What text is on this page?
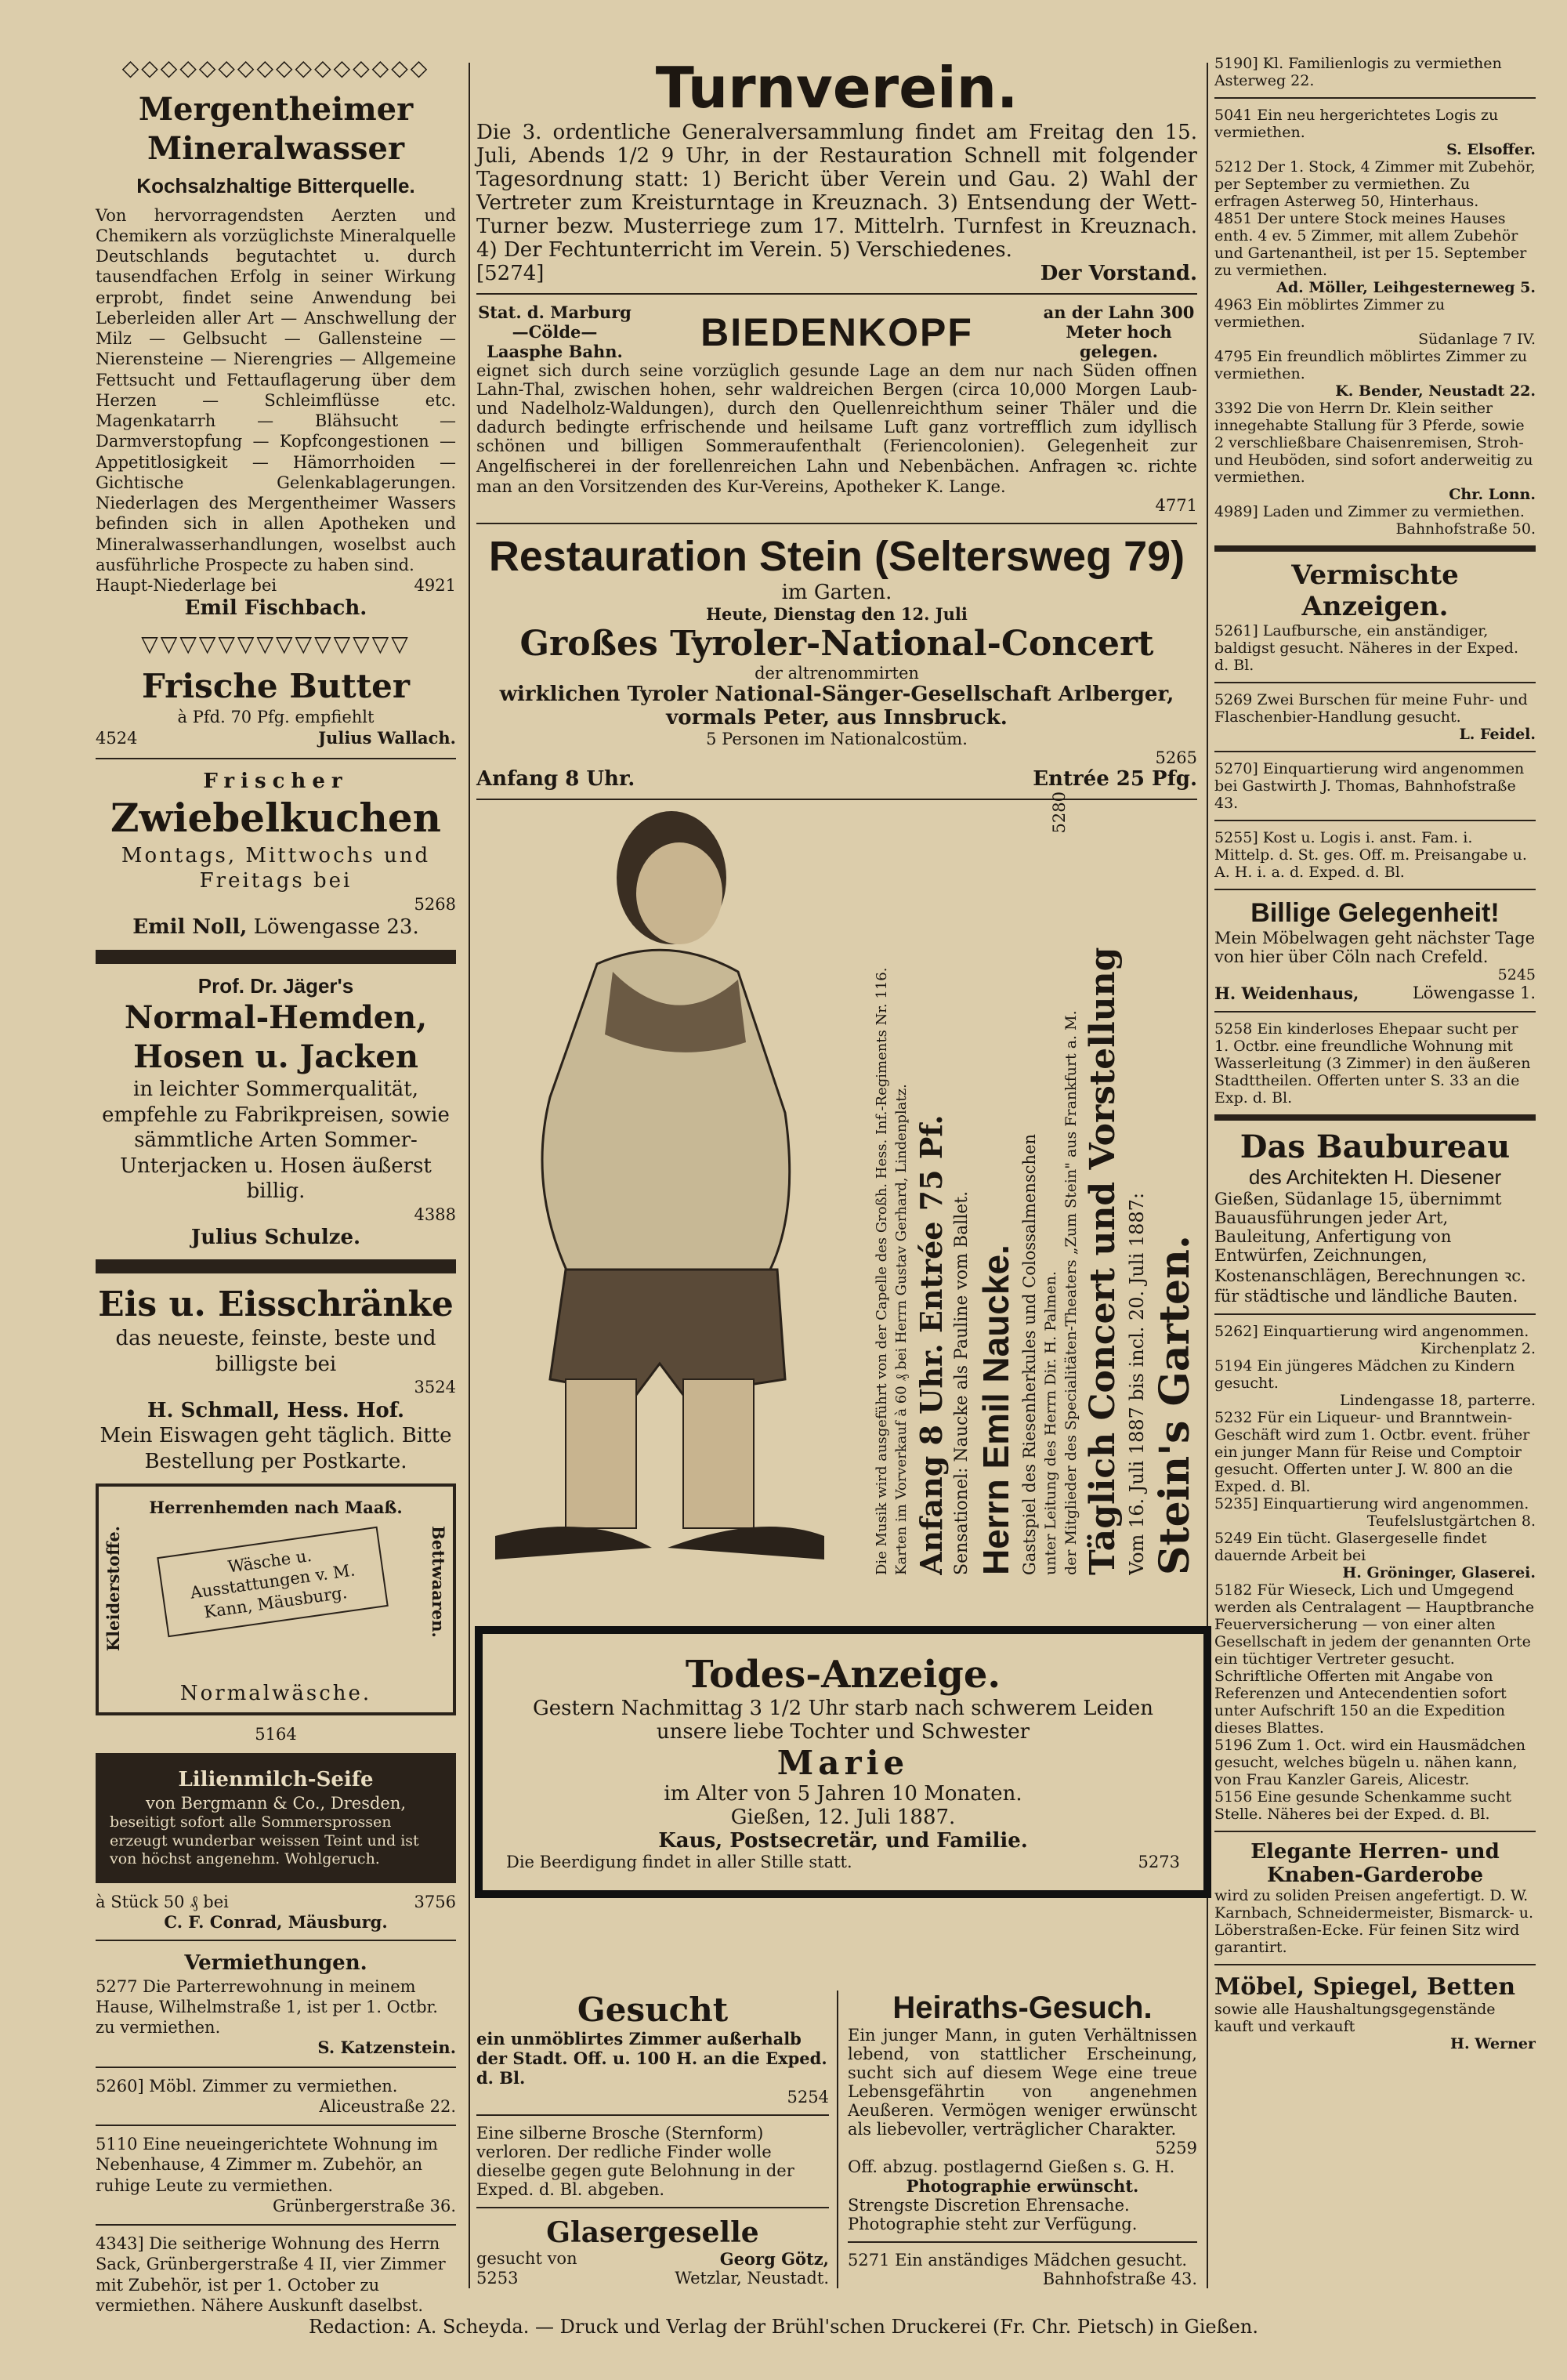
◇◇◇◇◇◇◇◇◇◇◇◇◇◇◇◇
Mergentheimer Mineralwasser
Kochsalzhaltige Bitterquelle.
Von hervorragendsten Aerzten und Chemikern als vorzüglichste Mineralquelle Deutschlands begutachtet u. durch tausendfachen Erfolg in seiner Wirkung erprobt, findet seine Anwendung bei Leberleiden aller Art — Anschwellung der Milz — Gelbsucht — Gallensteine — Nierensteine — Nierengries — Allgemeine Fettsucht und Fettauflagerung über dem Herzen — Schleimflüsse etc. Magenkatarrh — Blähsucht — Darmverstopfung — Kopfcongestionen — Appetitlosigkeit — Hämorrhoiden — Gichtische Gelenkablagerungen. Niederlagen des Mergentheimer Wassers befinden sich in allen Apotheken und Mineralwasserhandlungen, woselbst auch ausführliche Prospecte zu haben sind.
Haupt-Niederlage bei	4921
Emil Fischbach.
▽▽▽▽▽▽▽▽▽▽▽▽▽▽
Frische Butter
à Pfd. 70 Pfg. empfiehlt
4524	Julius Wallach.
Frischer
Zwiebelkuchen
Montags, Mittwochs und Freitags bei
5268
Emil Noll, Löwengasse 23.
Prof. Dr. Jäger's
Normal-Hemden, Hosen u. Jacken
in leichter Sommerqualität, empfehle zu Fabrikpreisen, sowie sämmtliche Arten Sommer-Unterjacken u. Hosen äußerst billig.
4388
Julius Schulze.
Eis u. Eisschränke
das neueste, feinste, beste und billigste bei
3524
H. Schmall, Hess. Hof.
Mein Eiswagen geht täglich. Bitte Bestellung per Postkarte.
Herrenhemden nach Maaß.
Kleiderstoffe.	Bettwaaren.
Wäsche u. Ausstattungen v. M. Kann, Mäusburg.
Normalwäsche.
5164
Lilienmilch-Seife
von Bergmann & Co., Dresden,
beseitigt sofort alle Sommersprossen erzeugt wunderbar weissen Teint und ist von höchst angenehm. Wohlgeruch.
à Stück 50 ₰ bei	3756
C. F. Conrad, Mäusburg.
Vermiethungen.
5277 Die Parterrewohnung in meinem Hause, Wilhelmstraße 1, ist per 1. Octbr. zu vermiethen.
S. Katzenstein.
5260] Möbl. Zimmer zu vermiethen.
Aliceustraße 22.
5110 Eine neueingerichtete Wohnung im Nebenhause, 4 Zimmer m. Zubehör, an ruhige Leute zu vermiethen.
Grünbergerstraße 36.
4343] Die seitherige Wohnung des Herrn Sack, Grünbergerstraße 4 II, vier Zimmer mit Zubehör, ist per 1. October zu vermiethen. Nähere Auskunft daselbst.
Turnverein.
Die 3. ordentliche Generalversammlung findet am Freitag den 15. Juli, Abends 1/2 9 Uhr, in der Restauration Schnell mit folgender Tagesordnung statt: 1) Bericht über Verein und Gau. 2) Wahl der Vertreter zum Kreisturntage in Kreuznach. 3) Entsendung der Wett-Turner bezw. Musterriege zum 17. Mittelrh. Turnfest in Kreuznach. 4) Der Fechtunterricht im Verein. 5) Verschiedenes.
[5274]	Der Vorstand.
Stat. d. Marburg—Cölde—Laasphe Bahn. BIEDENKOPF	an der Lahn 300 Meter hoch gelegen.
eignet sich durch seine vorzüglich gesunde Lage an dem nur nach Süden offnen Lahn-Thal, zwischen hohen, sehr waldreichen Bergen (circa 10,000 Morgen Laub- und Nadelholz-Waldungen), durch den Quellenreichthum seiner Thäler und die dadurch bedingte erfrischende und heilsame Luft ganz vortrefflich zum idyllisch schönen und billigen Sommeraufenthalt (Feriencolonien). Gelegenheit zur Angelfischerei in der forellenreichen Lahn und Nebenbächen. Anfragen ꝛc. richte man an den Vorsitzenden des Kur-Vereins, Apotheker K. Lange.
4771
Restauration Stein (Seltersweg 79)
im Garten.
Heute, Dienstag den 12. Juli
Großes Tyroler-National-Concert
der altrenommirten
wirklichen Tyroler National-Sänger-Gesellschaft Arlberger, vormals Peter, aus Innsbruck.
5 Personen im Nationalcostüm.
5265
Anfang 8 Uhr.	Entrée 25 Pfg.
Stein's Garten.
Vom 16. Juli 1887 bis incl. 20. Juli 1887:
Täglich Concert und Vorstellung
der Mitglieder des Specialitäten-Theaters „Zum Stein" aus Frankfurt a. M.
unter Leitung des Herrn Dir. H. Palmen.
Gastspiel des Riesenherkules und Colossalmenschen
Herrn Emil Naucke.
Sensationel: Naucke als Pauline vom Ballet.
Anfang 8 Uhr. Entrée 75 Pf.
Karten im Vorverkauf à 60 ₰ bei Herrn Gustav Gerhard, Lindenplatz.
Die Musik wird ausgeführt von der Capelle des Großh. Hess. Inf.-Regiments Nr. 116.
5280
Todes-Anzeige.
Gestern Nachmittag 3 1/2 Uhr starb nach schwerem Leiden unsere liebe Tochter und Schwester
Marie
im Alter von 5 Jahren 10 Monaten.
Gießen, 12. Juli 1887.
Kaus, Postsecretär, und Familie.
Die Beerdigung findet in aller Stille statt.	5273
Gesucht
ein unmöblirtes Zimmer außerhalb der Stadt. Off. u. 100 H. an die Exped. d. Bl.
5254
Eine silberne Brosche (Sternform) verloren. Der redliche Finder wolle dieselbe gegen gute Belohnung in der Exped. d. Bl. abgeben.
Glasergeselle
gesucht von	Georg Götz,
5253	Wetzlar, Neustadt.
Heiraths-Gesuch.
Ein junger Mann, in guten Verhältnissen lebend, von stattlicher Erscheinung, sucht sich auf diesem Wege eine treue Lebensgefährtin von angenehmen Aeußeren. Vermögen weniger erwünscht als liebevoller, verträglicher Charakter.
5259
Off. abzug. postlagernd Gießen s. G. H.
Photographie erwünscht.
Strengste Discretion Ehrensache. Photographie steht zur Verfügung.
5271 Ein anständiges Mädchen gesucht.
Bahnhofstraße 43.
5190] Kl. Familienlogis zu vermiethen Asterweg 22.
5041 Ein neu hergerichtetes Logis zu vermiethen.
S. Elsoffer.
5212 Der 1. Stock, 4 Zimmer mit Zubehör, per September zu vermiethen. Zu erfragen Asterweg 50, Hinterhaus.
4851 Der untere Stock meines Hauses enth. 4 ev. 5 Zimmer, mit allem Zubehör und Gartenantheil, ist per 15. September zu vermiethen.
Ad. Möller, Leihgesterneweg 5.
4963 Ein möblirtes Zimmer zu vermiethen.
Südanlage 7 IV.
4795 Ein freundlich möblirtes Zimmer zu vermiethen.
K. Bender, Neustadt 22.
3392 Die von Herrn Dr. Klein seither innegehabte Stallung für 3 Pferde, sowie 2 verschließbare Chaisenremisen, Stroh- und Heuböden, sind sofort anderweitig zu vermiethen.
Chr. Lonn.
4989] Laden und Zimmer zu vermiethen.
Bahnhofstraße 50.
Vermischte Anzeigen.
5261] Laufbursche, ein anständiger, baldigst gesucht. Näheres in der Exped. d. Bl.
5269 Zwei Burschen für meine Fuhr- und Flaschenbier-Handlung gesucht.
L. Feidel.
5270] Einquartierung wird angenommen bei Gastwirth J. Thomas, Bahnhofstraße 43.
5255] Kost u. Logis i. anst. Fam. i. Mittelp. d. St. ges. Off. m. Preisangabe u. A. H. i. a. d. Exped. d. Bl.
Billige Gelegenheit!
Mein Möbelwagen geht nächster Tage von hier über Cöln nach Crefeld.
5245
H. Weidenhaus,	Löwengasse 1.
5258 Ein kinderloses Ehepaar sucht per 1. Octbr. eine freundliche Wohnung mit Wasserleitung (3 Zimmer) in den äußeren Stadttheilen. Offerten unter S. 33 an die Exp. d. Bl.
Das Baubureau
des Architekten H. Diesener
Gießen, Südanlage 15, übernimmt Bauausführungen jeder Art, Bauleitung, Anfertigung von Entwürfen, Zeichnungen, Kostenanschlägen, Berechnungen ꝛc. für städtische und ländliche Bauten.
5262] Einquartierung wird angenommen.
Kirchenplatz 2.
5194 Ein jüngeres Mädchen zu Kindern gesucht.
Lindengasse 18, parterre.
5232 Für ein Liqueur- und Branntwein-Geschäft wird zum 1. Octbr. event. früher ein junger Mann für Reise und Comptoir gesucht. Offerten unter J. W. 800 an die Exped. d. Bl.
5235] Einquartierung wird angenommen.
Teufelslustgärtchen 8.
5249 Ein tücht. Glasergeselle findet dauernde Arbeit bei
H. Gröninger, Glaserei.
5182 Für Wieseck, Lich und Umgegend werden als Centralagent — Hauptbranche Feuerversicherung — von einer alten Gesellschaft in jedem der genannten Orte ein tüchtiger Vertreter gesucht. Schriftliche Offerten mit Angabe von Referenzen und Antecendentien sofort unter Aufschrift 150 an die Expedition dieses Blattes.
5196 Zum 1. Oct. wird ein Hausmädchen gesucht, welches bügeln u. nähen kann, von Frau Kanzler Gareis, Alicestr.
5156 Eine gesunde Schenkamme sucht Stelle. Näheres bei der Exped. d. Bl.
Elegante Herren- und Knaben-Garderobe
wird zu soliden Preisen angefertigt. D. W. Karnbach, Schneidermeister, Bismarck- u. Löberstraßen-Ecke. Für feinen Sitz wird garantirt.
Möbel, Spiegel, Betten
sowie alle Haushaltungsgegenstände kauft und verkauft
H. Werner
Redaction: A. Scheyda. — Druck und Verlag der Brühl'schen Druckerei (Fr. Chr. Pietsch) in Gießen.
